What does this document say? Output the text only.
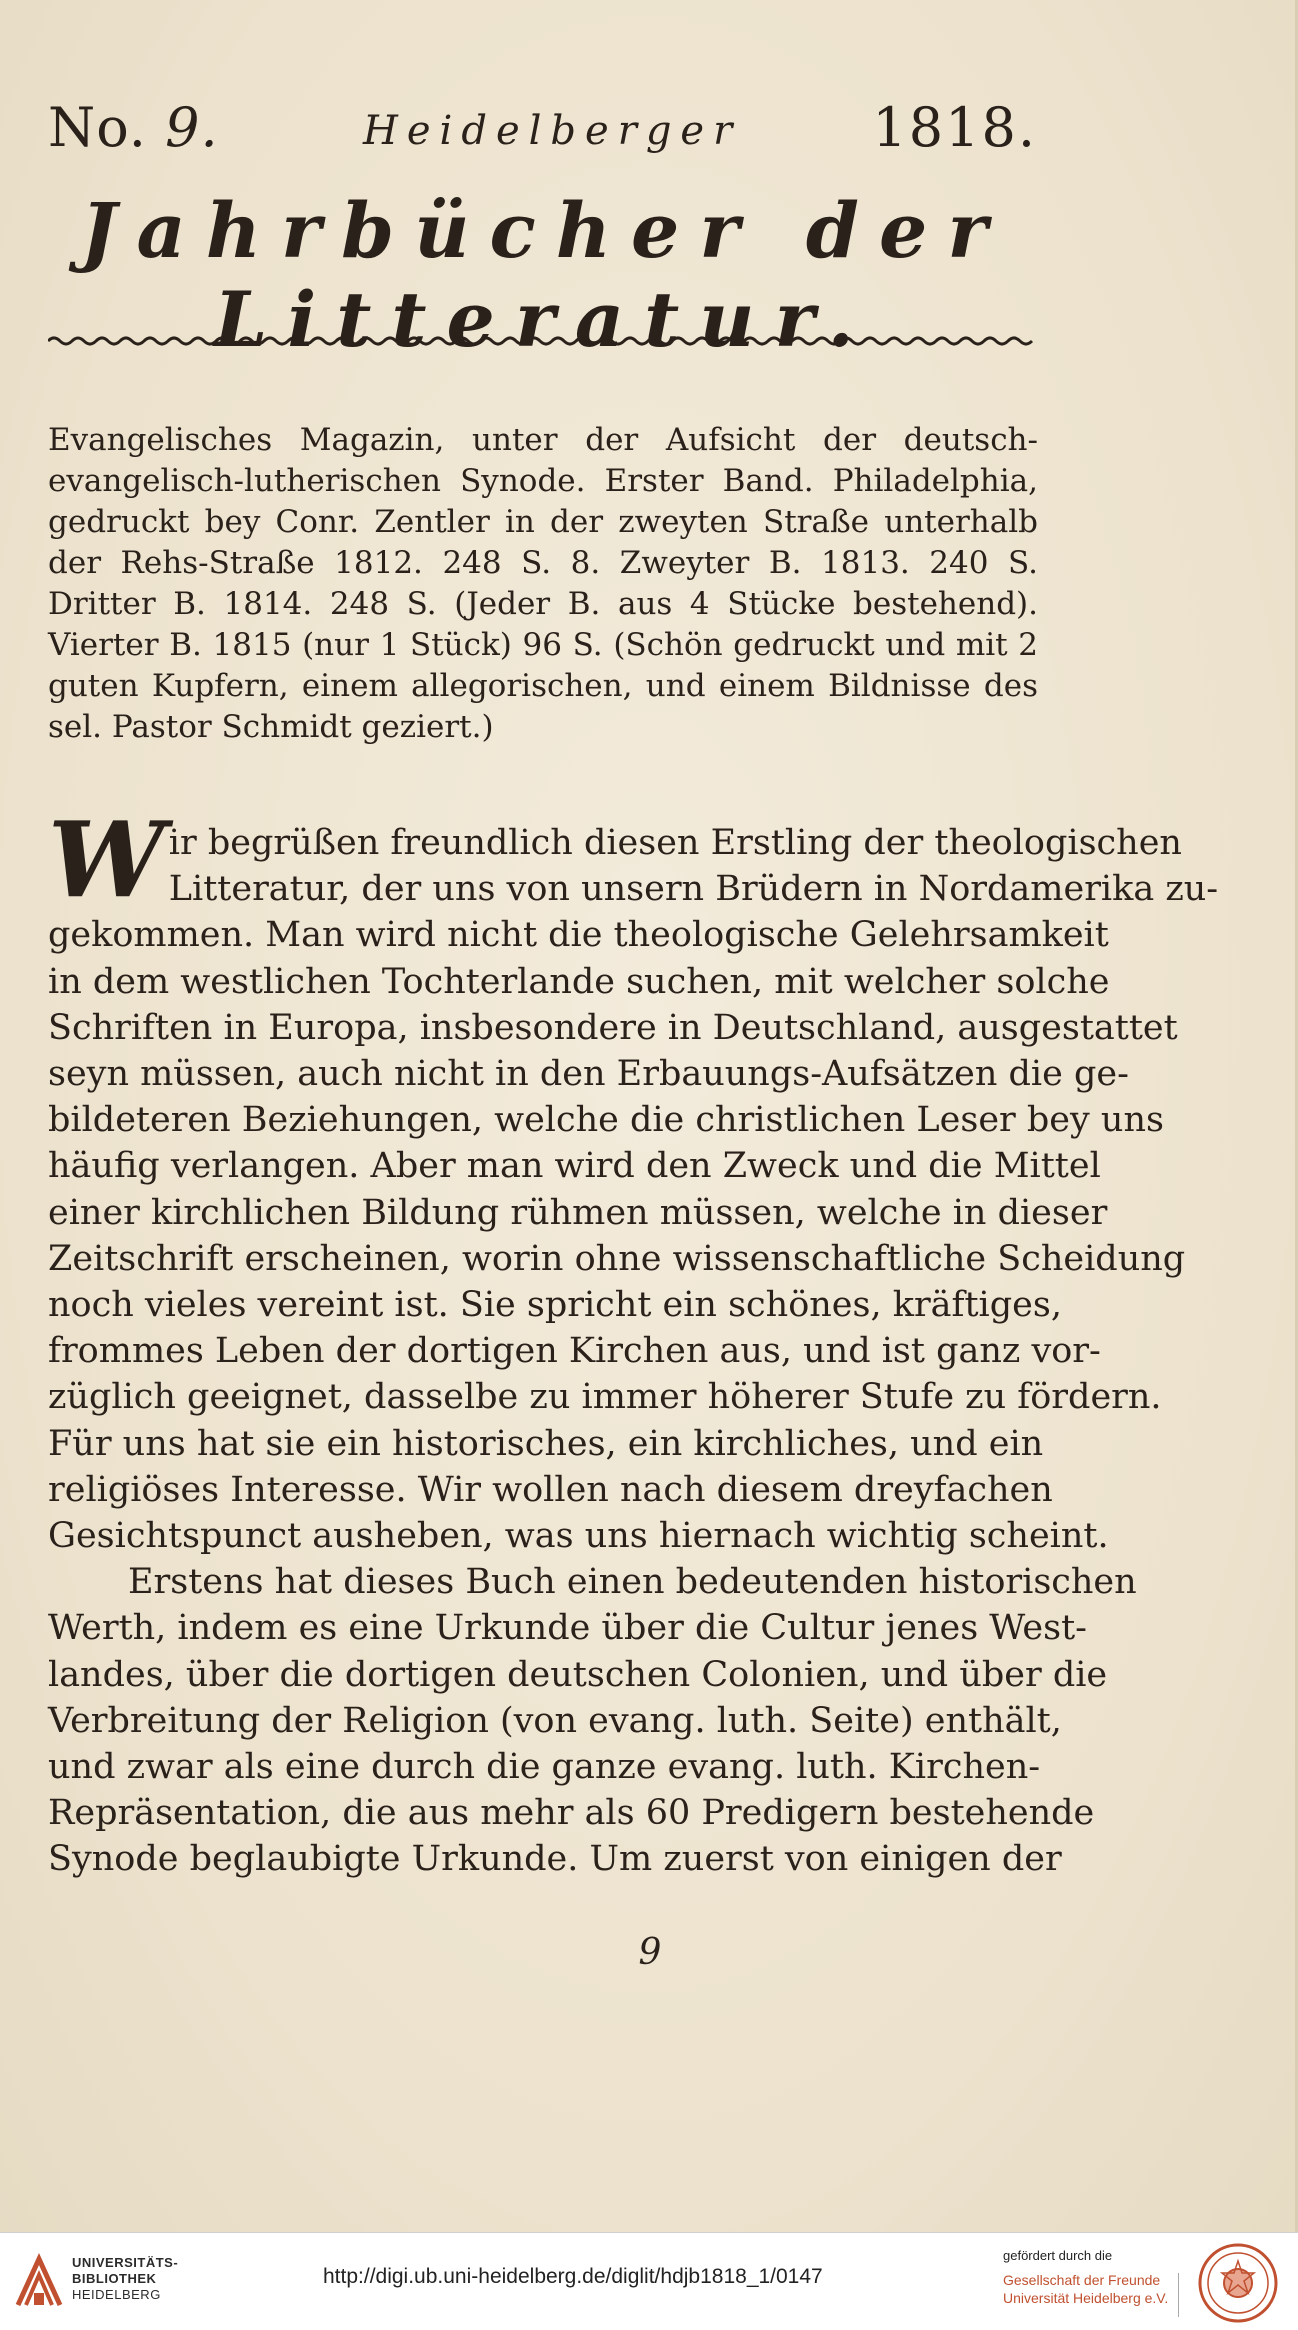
No. 9.	Heidelberger 1818.
Jahrbücher der Litteratur.

Evangelisches Magazin, unter der Aufsicht der deutsch-evangelisch-lutherischen Synode. Erster Band. Philadelphia, gedruckt bey Conr. Zentler in der zweyten Straße unterhalb der Rehs-Straße 1812. 248 S. 8. Zweyter B. 1813. 240 S. Dritter B. 1814. 248 S. (Jeder B. aus 4 Stücke bestehend). Vierter B. 1815 (nur 1 Stück) 96 S. (Schön gedruckt und mit 2 guten Kupfern, einem allegorischen, und einem Bildnisse des sel. Pastor Schmidt geziert.)

W ir begrüßen freundlich diesen Erstling der theologischen
Litteratur, der uns von unsern Brüdern in Nordamerika zu-
gekommen. Man wird nicht die theologische Gelehrsamkeit
in dem westlichen Tochterlande suchen, mit welcher solche
Schriften in Europa, insbesondere in Deutschland, ausgestattet
seyn müssen, auch nicht in den Erbauungs-Aufsätzen die ge-
bildeteren Beziehungen, welche die christlichen Leser bey uns
häufig verlangen. Aber man wird den Zweck und die Mittel
einer kirchlichen Bildung rühmen müssen, welche in dieser
Zeitschrift erscheinen, worin ohne wissenschaftliche Scheidung
noch vieles vereint ist. Sie spricht ein schönes, kräftiges,
frommes Leben der dortigen Kirchen aus, und ist ganz vor-
züglich geeignet, dasselbe zu immer höherer Stufe zu fördern.
Für uns hat sie ein historisches, ein kirchliches, und ein
religiöses Interesse. Wir wollen nach diesem dreyfachen
Gesichtspunct ausheben, was uns hiernach wichtig scheint.
Erstens hat dieses Buch einen bedeutenden historischen
Werth, indem es eine Urkunde über die Cultur jenes West-
landes, über die dortigen deutschen Colonien, und über die
Verbreitung der Religion (von evang. luth. Seite) enthält,
und zwar als eine durch die ganze evang. luth. Kirchen-
Repräsentation, die aus mehr als 60 Predigern bestehende
Synode beglaubigte Urkunde. Um zuerst von einigen der
9
UNIVERSITÄTS-
BIBLIOTHEK
HEIDELBERG
http://digi.ub.uni-heidelberg.de/diglit/hdjb1818_1/0147
gefördert durch die
Gesellschaft der Freunde
Universität Heidelberg e.V.
